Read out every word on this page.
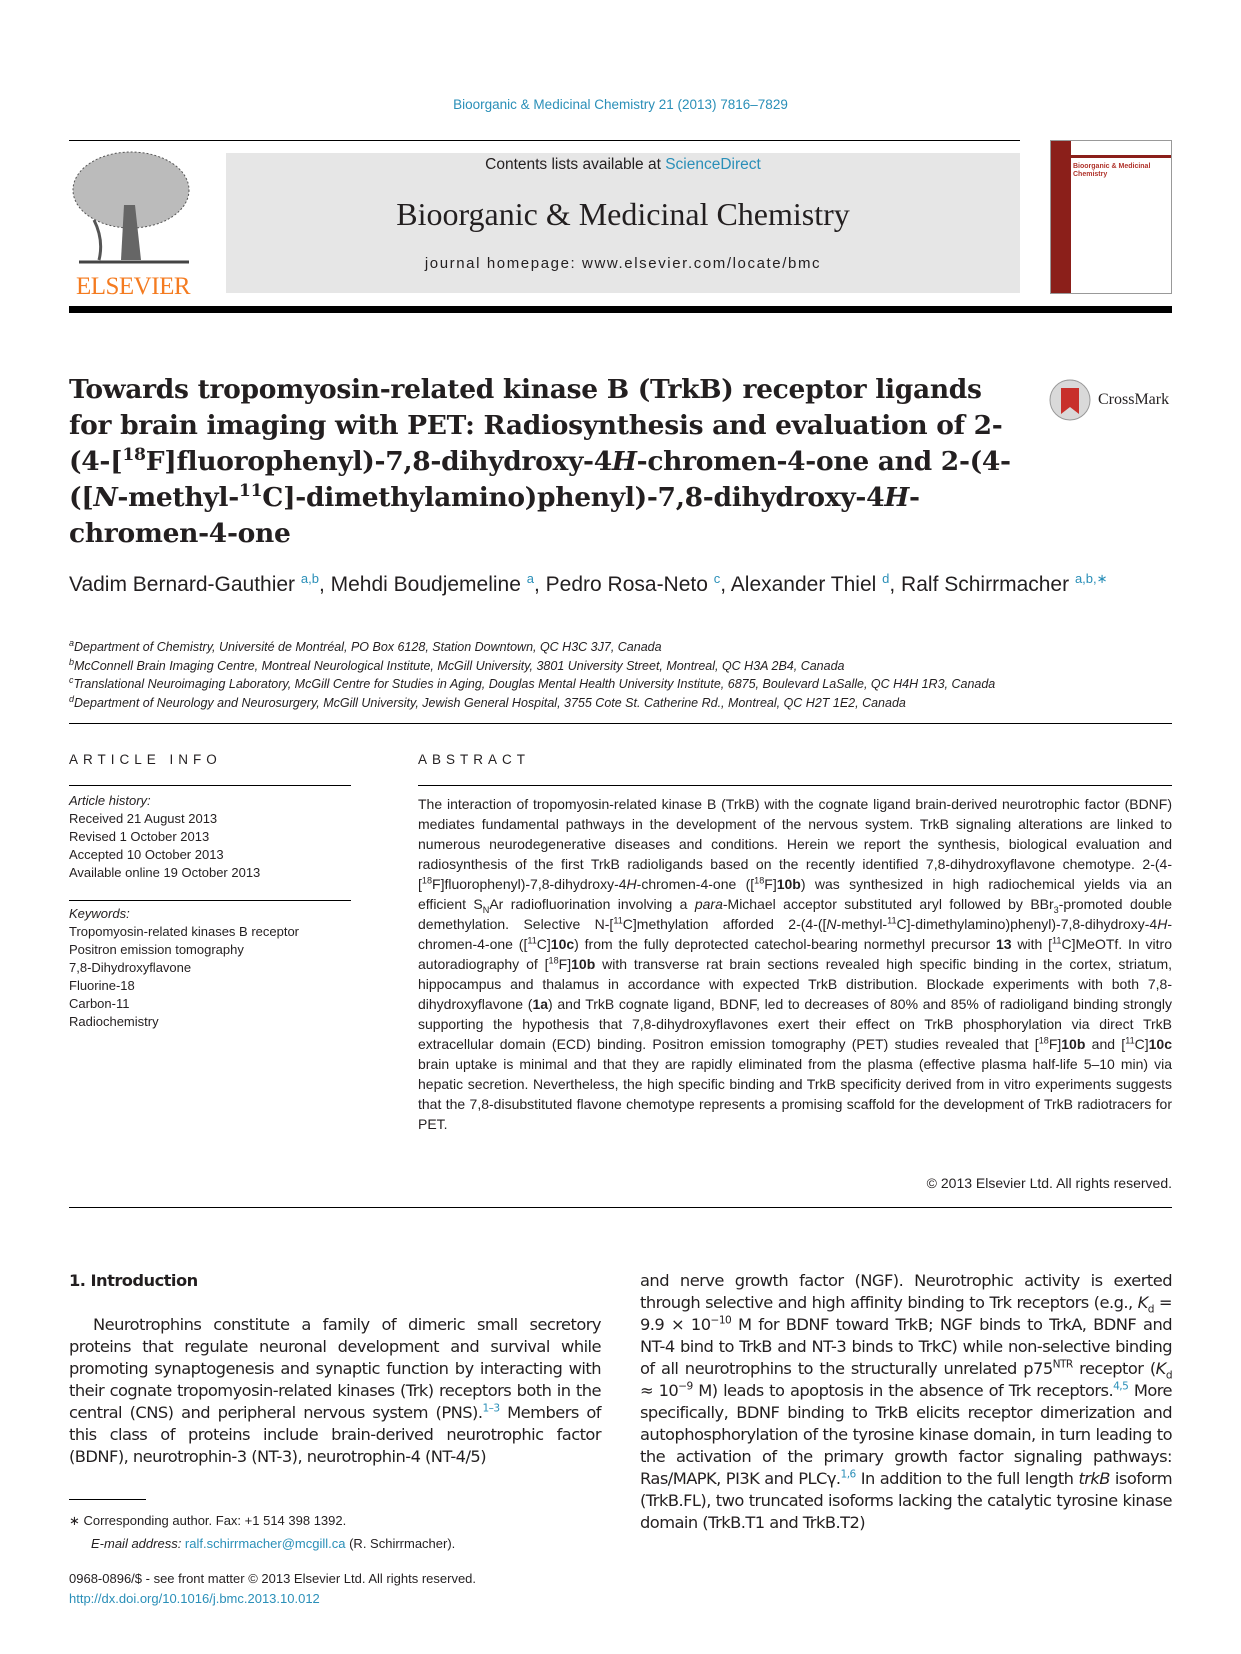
Bioorganic & Medicinal Chemistry 21 (2013) 7816–7829
ELSEVIER
Contents lists available at ScienceDirect
Bioorganic & Medicinal Chemistry
journal homepage: www.elsevier.com/locate/bmc
Bioorganic & Medicinal Chemistry
Towards tropomyosin-related kinase B (TrkB) receptor ligands for brain imaging with PET: Radiosynthesis and evaluation of 2-(4-[$^{18}$F]fluorophenyl)-7,8-dihydroxy-4H-chromen-4-one and 2-(4-([N-methyl-$^{11}$C]-dimethylamino)phenyl)-7,8-dihydroxy-4H-chromen-4-one
CrossMark
Vadim Bernard-Gauthier $^{a,b}$, Mehdi Boudjemeline $^a$, Pedro Rosa-Neto $^c$, Alexander Thiel $^d$, Ralf Schirrmacher $^{a,b,∗}$
$^a$Department of Chemistry, Université de Montréal, PO Box 6128, Station Downtown, QC H3C 3J7, Canada
$^b$McConnell Brain Imaging Centre, Montreal Neurological Institute, McGill University, 3801 University Street, Montreal, QC H3A 2B4, Canada
$^c$Translational Neuroimaging Laboratory, McGill Centre for Studies in Aging, Douglas Mental Health University Institute, 6875, Boulevard LaSalle, QC H4H 1R3, Canada
$^d$Department of Neurology and Neurosurgery, McGill University, Jewish General Hospital, 3755 Cote St. Catherine Rd., Montreal, QC H2T 1E2, Canada
ARTICLE INFO	ABSTRACT
Article history:
Received 21 August 2013
Revised 1 October 2013
Accepted 10 October 2013
Available online 19 October 2013
Keywords:
Tropomyosin-related kinases B receptor
Positron emission tomography
7,8-Dihydroxyflavone
Fluorine-18
Carbon-11
Radiochemistry
The interaction of tropomyosin-related kinase B (TrkB) with the cognate ligand brain-derived neurotrophic factor (BDNF) mediates fundamental pathways in the development of the nervous system. TrkB signaling alterations are linked to numerous neurodegenerative diseases and conditions. Herein we report the synthesis, biological evaluation and radiosynthesis of the first TrkB radioligands based on the recently identified 7,8-dihydroxyflavone chemotype. 2-(4-[$^{18}$F]fluorophenyl)-7,8-dihydroxy-4H-chromen-4-one ([$^{18}$F]10b) was synthesized in high radiochemical yields via an efficient $S_NAr$ radiofluorination involving a para-Michael acceptor substituted aryl followed by BBr$_3$-promoted double demethylation. Selective N-[$^{11}$C]methylation afforded 2-(4-([N-methyl-$^{11}$C]-dimethylamino)phenyl)-7,8-dihydroxy-4H-chromen-4-one ([$^{11}$C]10c) from the fully deprotected catechol-bearing normethyl precursor 13 with [$^{11}$C]MeOTf. In vitro autoradiography of [$^{18}$F]10b with transverse rat brain sections revealed high specific binding in the cortex, striatum, hippocampus and thalamus in accordance with expected TrkB distribution. Blockade experiments with both 7,8-dihydroxyflavone (1a) and TrkB cognate ligand, BDNF, led to decreases of 80% and 85% of radioligand binding strongly supporting the hypothesis that 7,8-dihydroxyflavones exert their effect on TrkB phosphorylation via direct TrkB extracellular domain (ECD) binding. Positron emission tomography (PET) studies revealed that [$^{18}$F]10b and [$^{11}$C]10c brain uptake is minimal and that they are rapidly eliminated from the plasma (effective plasma half-life 5–10 min) via hepatic secretion. Nevertheless, the high specific binding and TrkB specificity derived from in vitro experiments suggests that the 7,8-disubstituted flavone chemotype represents a promising scaffold for the development of TrkB radiotracers for PET.
© 2013 Elsevier Ltd. All rights reserved.
1. Introduction

Neurotrophins constitute a family of dimeric small secretory proteins that regulate neuronal development and survival while promoting synaptogenesis and synaptic function by interacting with their cognate tropomyosin-related kinases (Trk) receptors both in the central (CNS) and peripheral nervous system (PNS).$^{1-3}$ Members of this class of proteins include brain-derived neurotrophic factor (BDNF), neurotrophin-3 (NT-3), neurotrophin-4 (NT-4/5)

and nerve growth factor (NGF). Neurotrophic activity is exerted through selective and high affinity binding to Trk receptors (e.g., $K_d = 9.9 \times 10^{-10}$ M for BDNF toward TrkB; NGF binds to TrkA, BDNF and NT-4 bind to TrkB and NT-3 binds to TrkC) while non-selective binding of all neurotrophins to the structurally unrelated $p75^{NTR}$ receptor ($K_d \approx 10^{-9}$ M) leads to apoptosis in the absence of Trk receptors.$^{4,5}$ More specifically, BDNF binding to TrkB elicits receptor dimerization and autophosphorylation of the tyrosine kinase domain, in turn leading to the activation of the primary growth factor signaling pathways: Ras/MAPK, PI3K and PLCγ.$^{1,6}$ In addition to the full length trkB isoform (TrkB.FL), two truncated isoforms lacking the catalytic tyrosine kinase domain (TrkB.T1 and TrkB.T2)

∗ Corresponding author. Fax: +1 514 398 1392.
E-mail address: ralf.schirrmacher@mcgill.ca (R. Schirrmacher).
0968-0896/$ - see front matter © 2013 Elsevier Ltd. All rights reserved.
http://dx.doi.org/10.1016/j.bmc.2013.10.012
